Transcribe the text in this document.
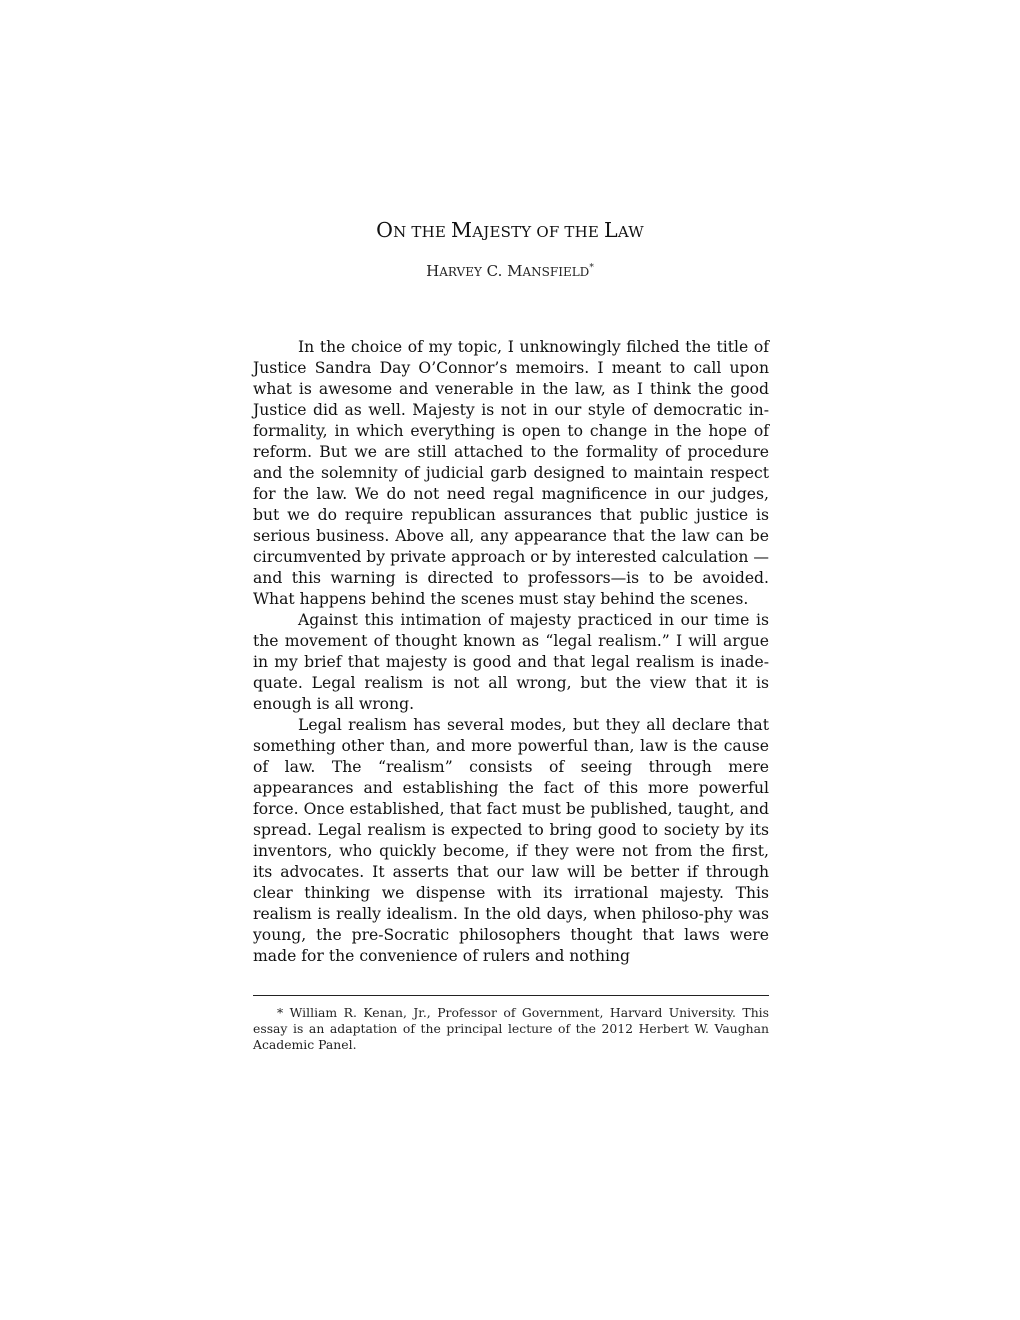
ON THE MAJESTY OF THE LAW
HARVEY C. MANSFIELD*

In the choice of my topic, I unknowingly filched the title of Justice Sandra Day O’Connor’s memoirs. I meant to call upon what is awesome and venerable in the law, as I think the good Justice did as well. Majesty is not in our style of democratic in-formality, in which everything is open to change in the hope of reform. But we are still attached to the formality of procedure and the solemnity of judicial garb designed to maintain respect for the law. We do not need regal magnificence in our judges, but we do require republican assurances that public justice is serious business. Above all, any appearance that the law can be circumvented by private approach or by interested calculation —and this warning is directed to professors—is to be avoided. What happens behind the scenes must stay behind the scenes.

Against this intimation of majesty practiced in our time is the movement of thought known as “legal realism.” I will argue in my brief that majesty is good and that legal realism is inade-quate. Legal realism is not all wrong, but the view that it is enough is all wrong.

Legal realism has several modes, but they all declare that something other than, and more powerful than, law is the cause of law. The “realism” consists of seeing through mere appearances and establishing the fact of this more powerful force. Once established, that fact must be published, taught, and spread. Legal realism is expected to bring good to society by its inventors, who quickly become, if they were not from the first, its advocates. It asserts that our law will be better if through clear thinking we dispense with its irrational majesty. This realism is really idealism. In the old days, when philoso-phy was young, the pre-Socratic philosophers thought that laws were made for the convenience of rulers and nothing

* William R. Kenan, Jr., Professor of Government, Harvard University. This essay is an adaptation of the principal lecture of the 2012 Herbert W. Vaughan Academic Panel.
